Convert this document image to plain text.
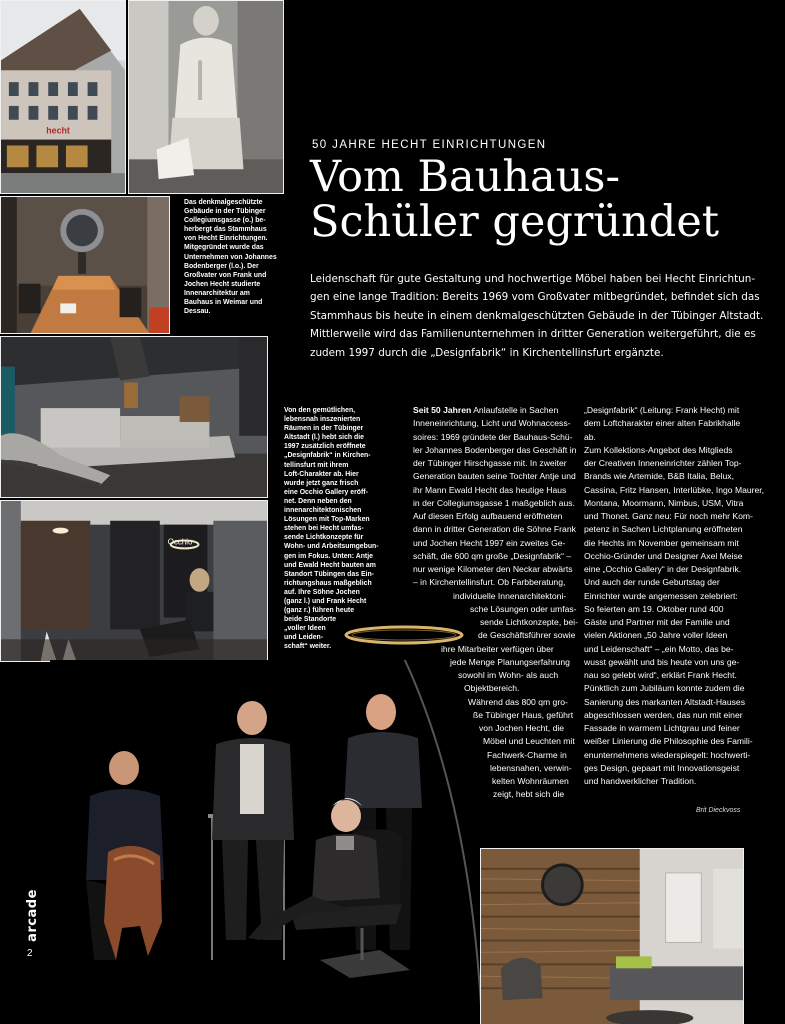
hecht
Occhio
50 JAHRE HECHT EINRICHTUNGEN
Vom Bauhaus-
Schüler gegründet
Leidenschaft für gute Gestaltung und hochwertige Möbel haben bei Hecht Einrichtun-
gen eine lange Tradition: Bereits 1969 vom Großvater mitbegründet, befindet sich das
Stammhaus bis heute in einem denkmalgeschützten Gebäude in der Tübinger Altstadt.
Mittlerweile wird das Familienunternehmen in dritter Generation weitergeführt, die es
zudem 1997 durch die „Designfabrik“ in Kirchentellinsfurt ergänzte.
Das denkmalgeschützte
Gebäude in der Tübinger
Collegiumsgasse (o.) be-
herbergt das Stammhaus
von Hecht Einrichtungen.
Mitgegründet wurde das
Unternehmen von Johannes
Bodenberger (l.o.). Der
Großvater von Frank und
Jochen Hecht studierte
Innenarchitektur am
Bauhaus in Weimar und
Dessau.
Von den gemütlichen,
lebensnah inszenierten
Räumen in der Tübinger
Altstadt (l.) hebt sich die
1997 zusätzlich eröffnete
„Designfabrik“ in Kirchen-
tellinsfurt mit ihrem
Loft-Charakter ab. Hier
wurde jetzt ganz frisch
eine Occhio Gallery eröff-
net. Denn neben den
innenarchitektonischen
Lösungen mit Top-Marken
stehen bei Hecht umfas-
sende Lichtkonzepte für
Wohn- und Arbeitsumgebun-
gen im Fokus. Unten: Antje
und Ewald Hecht bauten am
Standort Tübingen das Ein-
richtungshaus maßgeblich
auf. Ihre Söhne Jochen
(ganz l.) und Frank Hecht
(ganz r.) führen heute
beide Standorte
„voller Ideen
und Leiden-
schaft“ weiter.
Seit 50 Jahren Anlaufstelle in Sachen
Inneneinrichtung, Licht und Wohnaccess-
soires: 1969 gründete der Bauhaus-Schü-
ler Johannes Bodenberger das Geschäft in
der Tübinger Hirschgasse mit. In zweiter
Generation bauten seine Tochter Antje und
ihr Mann Ewald Hecht das heutige Haus
in der Collegiumsgasse 1 maßgeblich aus.
Auf diesen Erfolg aufbauend eröffneten
dann in dritter Generation die Söhne Frank
und Jochen Hecht 1997 ein zweites Ge-
schäft, die 600 qm große „Designfabrik“ –
nur wenige Kilometer den Neckar abwärts
– in Kirchentellinsfurt. Ob Farbberatung,
individuelle Innenarchitektoni-
sche Lösungen oder umfas-
sende Lichtkonzepte, bei-
de Geschäftsführer sowie
ihre Mitarbeiter verfügen über
jede Menge Planungserfahrung
sowohl im Wohn- als auch
Objektbereich.
Während das 800 qm gro-
ße Tübinger Haus, geführt
von Jochen Hecht, die
Möbel und Leuchten mit
Fachwerk-Charme in
lebensnahen, verwin-
kelten Wohnräumen
zeigt, hebt sich die
„Designfabrik“ (Leitung: Frank Hecht) mit
dem Loftcharakter einer alten Fabrikhalle
ab.
Zum Kollektions-Angebot des Mitglieds
der Creativen Inneneinrichter zählen Top-
Brands wie Artemide, B&B Italia, Belux,
Cassina, Fritz Hansen, Interlübke, Ingo Maurer,
Montana, Moormann, Nimbus, USM, Vitra
und Thonet. Ganz neu: Für noch mehr Kom-
petenz in Sachen Lichtplanung eröffneten
die Hechts im November gemeinsam mit
Occhio-Gründer und Designer Axel Meise
eine „Occhio Gallery“ in der Designfabrik.
Und auch der runde Geburtstag der
Einrichter wurde angemessen zelebriert:
So feierten am 19. Oktober rund 400
Gäste und Partner mit der Familie und
vielen Aktionen „50 Jahre voller Ideen
und Leidenschaft“ – „ein Motto, das be-
wusst gewählt und bis heute von uns ge-
nau so gelebt wird“, erklärt Frank Hecht.
Pünktlich zum Jubiläum konnte zudem die
Sanierung des markanten Altstadt-Hauses
abgeschlossen werden, das nun mit einer
Fassade in warmem Lichtgrau und feiner
weißer Linierung die Philosophie des Famili-
enunternehmens wiederspiegelt: hochwerti-
ges Design, gepaart mit Innovationsgeist
und handwerklicher Tradition.
Brit Dieckvoss
arcade
2
